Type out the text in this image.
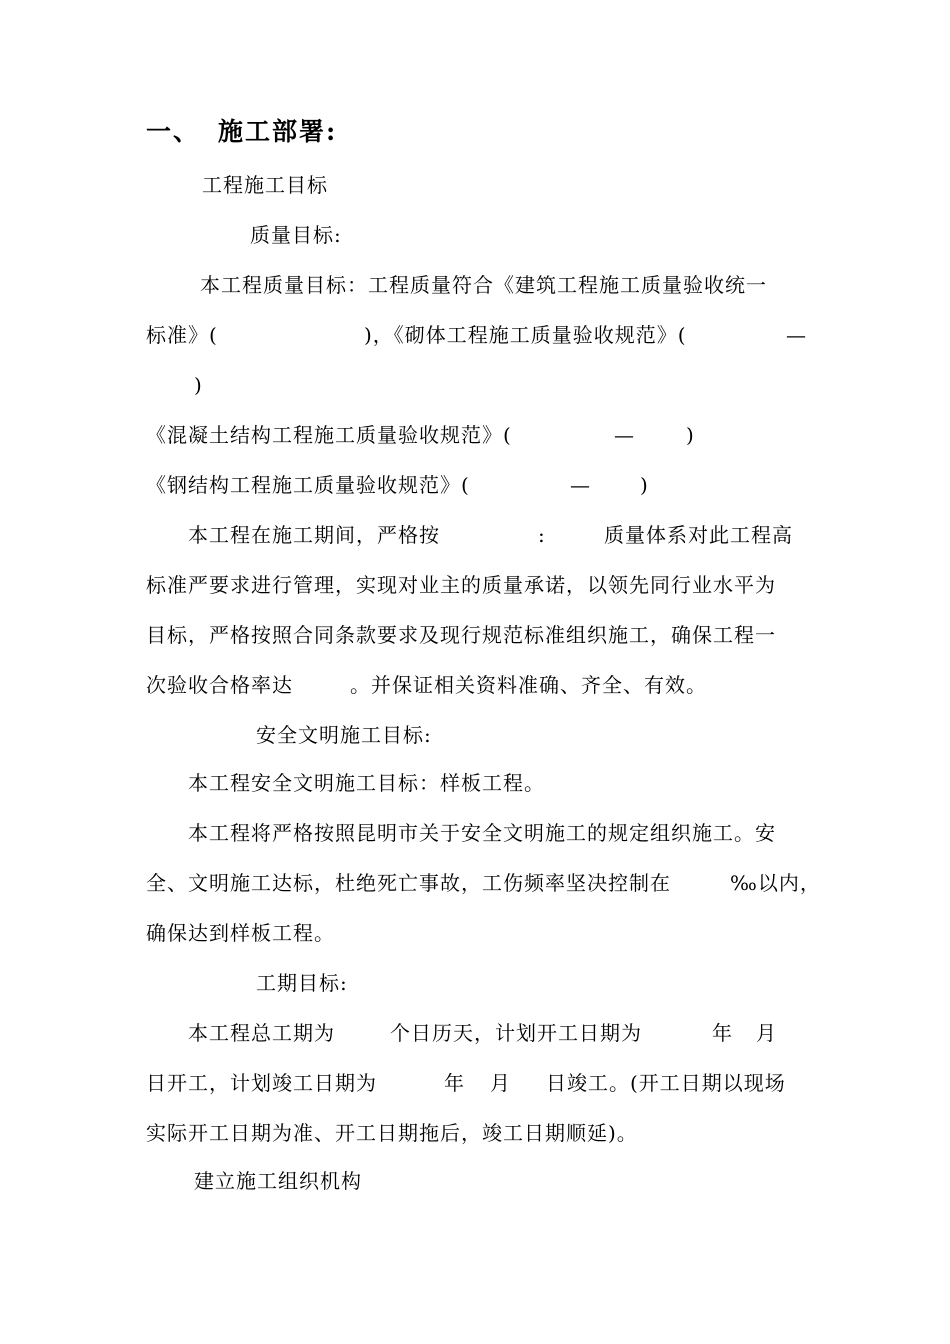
一、 施工部署:
工程施工目标
质量目标:
本工程质量目标：工程质量符合《建筑工程施工质量验收统一
标准》(	)，《砌体工程施工质量验收规范》(	—
)
《混凝土结构工程施工质量验收规范》(	—	)
《钢结构工程施工质量验收规范》(	— )
本工程在施工期间，严格按	:	质量体系对此工程高
标准严要求进行管理，实现对业主的质量承诺，以领先同行业水平为
目标，严格按照合同条款要求及现行规范标准组织施工，确保工程一
次验收合格率达	。并保证相关资料准确、齐全、有效。
安全文明施工目标:
本工程安全文明施工目标：样板工程。
本工程将严格按照昆明市关于安全文明施工的规定组织施工。安
全、文明施工达标，杜绝死亡事故，工伤频率坚决控制在	‰以内，
确保达到样板工程。
工期目标:
本工程总工期为	个日历天，计划开工日期为	年 月
日开工，计划竣工日期为	年 月 日竣工。(开工日期以现场
实际开工日期为准、开工日期拖后，竣工日期顺延)。
建立施工组织机构
